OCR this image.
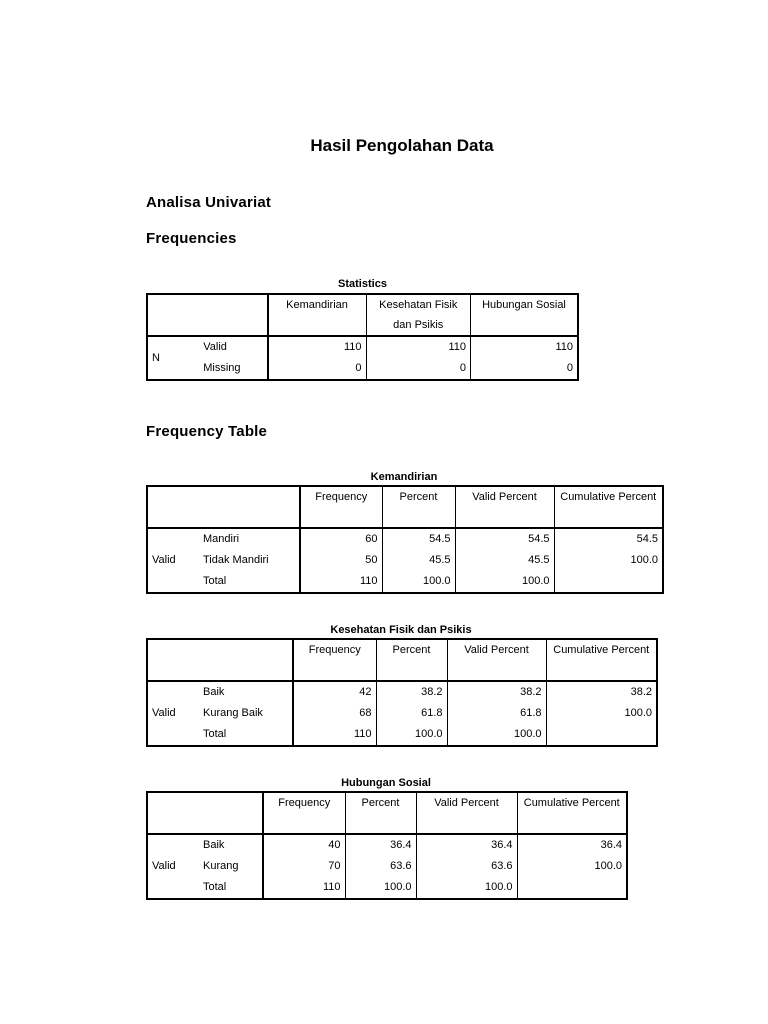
Hasil Pengolahan Data
Analisa Univariat
Frequencies
Statistics
		Kemandirian	Kesehatan Fisik dan Psikis	Hubungan Sosial
N	Valid	110	110	110
	Missing	0	0	0
Frequency Table
Kemandirian
		Frequency	Percent	Valid Percent	Cumulative Percent
Valid	Mandiri	60	54.5	54.5	54.5
	Tidak Mandiri	50	45.5	45.5	100.0
	Total	110	100.0	100.0	
Kesehatan Fisik dan Psikis
		Frequency	Percent	Valid Percent	Cumulative Percent
Valid	Baik	42	38.2	38.2	38.2
	Kurang Baik	68	61.8	61.8	100.0
	Total	110	100.0	100.0	
Hubungan Sosial
		Frequency	Percent	Valid Percent	Cumulative Percent
Valid	Baik	40	36.4	36.4	36.4
	Kurang	70	63.6	63.6	100.0
	Total	110	100.0	100.0	
